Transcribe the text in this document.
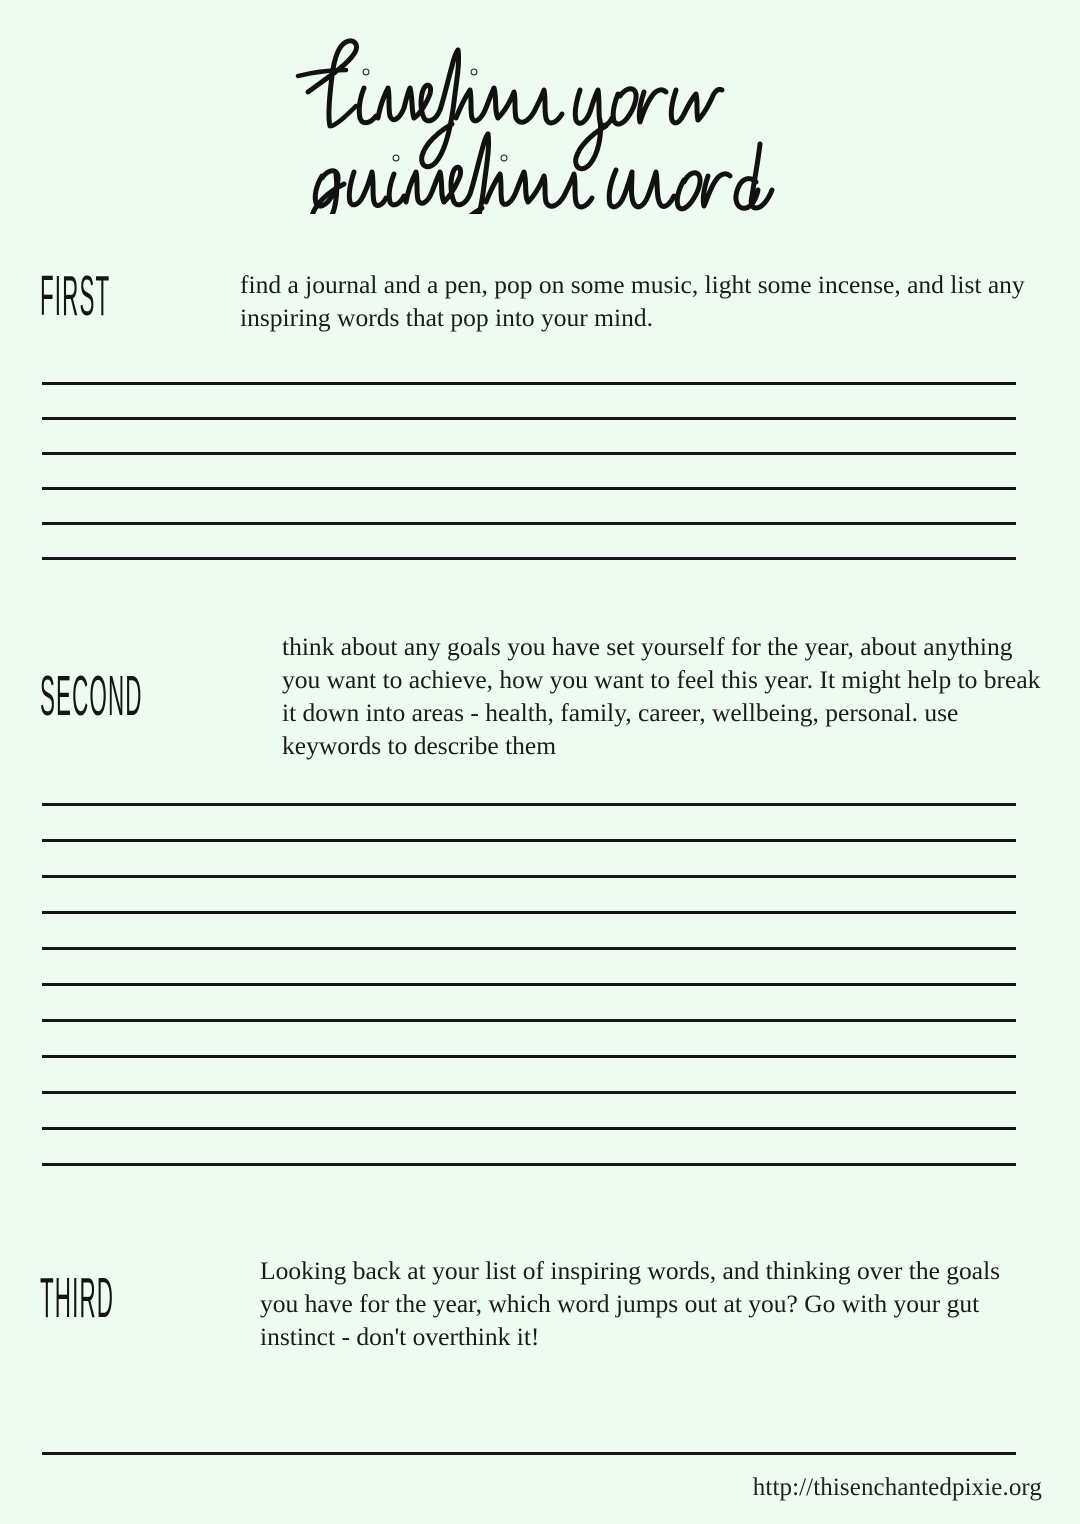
FIRST	find a journal and a pen, pop on some music, light some incense, and list any inspiring words that pop into your mind.
SECOND
think about any goals you have set yourself for the year, about anything you want to achieve, how you want to feel this year. It might help to break it down into areas - health, family, career, wellbeing, personal. use keywords to describe them
THIRD	Looking back at your list of inspiring words, and thinking over the goals you have for the year, which word jumps out at you? Go with your gut instinct - don't overthink it!
http://thisenchantedpixie.org
